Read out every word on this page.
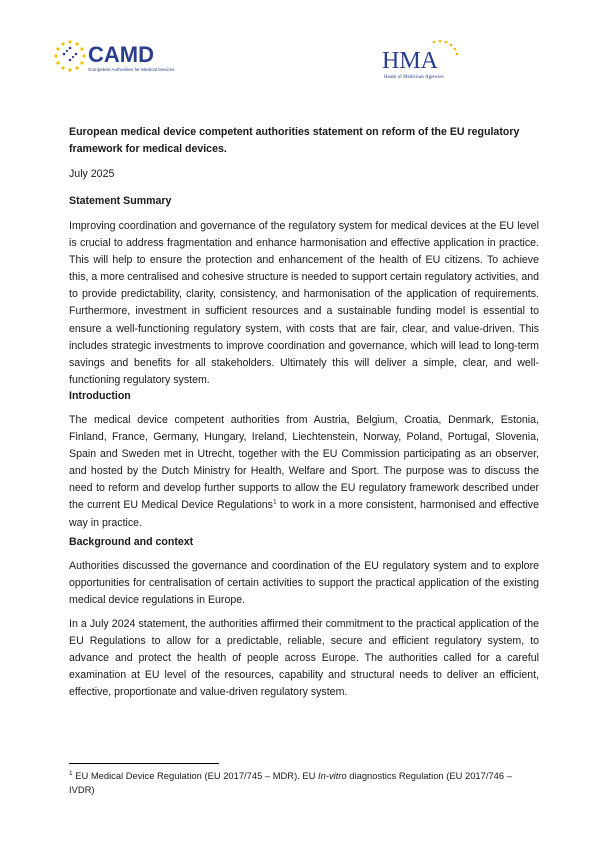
CAMD
Competent Authorities for Medical Devices	HMA
Heads of Medicines Agencies

European medical device competent authorities statement on reform of the EU regulatory framework for medical devices.

July 2025

Statement Summary

Improving coordination and governance of the regulatory system for medical devices at the EU level is crucial to address fragmentation and enhance harmonisation and effective application in practice. This will help to ensure the protection and enhancement of the health of EU citizens. To achieve this, a more centralised and cohesive structure is needed to support certain regulatory activities, and to provide predictability, clarity, consistency, and harmonisation of the application of requirements. Furthermore, investment in sufficient resources and a sustainable funding model is essential to ensure a well-functioning regulatory system, with costs that are fair, clear, and value-driven. This includes strategic investments to improve coordination and governance, which will lead to long-term savings and benefits for all stakeholders. Ultimately this will deliver a simple, clear, and well-functioning regulatory system.

Introduction

The medical device competent authorities from Austria, Belgium, Croatia, Denmark, Estonia, Finland, France, Germany, Hungary, Ireland, Liechtenstein, Norway, Poland, Portugal, Slovenia, Spain and Sweden met in Utrecht, together with the EU Commission participating as an observer, and hosted by the Dutch Ministry for Health, Welfare and Sport. The purpose was to discuss the need to reform and develop further supports to allow the EU regulatory framework described under the current EU Medical Device Regulations$^1$ to work in a more consistent, harmonised and effective way in practice.

Background and context

Authorities discussed the governance and coordination of the EU regulatory system and to explore opportunities for centralisation of certain activities to support the practical application of the existing medical device regulations in Europe.

In a July 2024 statement, the authorities affirmed their commitment to the practical application of the EU Regulations to allow for a predictable, reliable, secure and efficient regulatory system, to advance and protect the health of people across Europe. The authorities called for a careful examination at EU level of the resources, capability and structural needs to deliver an efficient, effective, proportionate and value-driven regulatory system.

$^1$ EU Medical Device Regulation (EU 2017/745 – MDR). EU In-vitro diagnostics Regulation (EU 2017/746 – IVDR)
